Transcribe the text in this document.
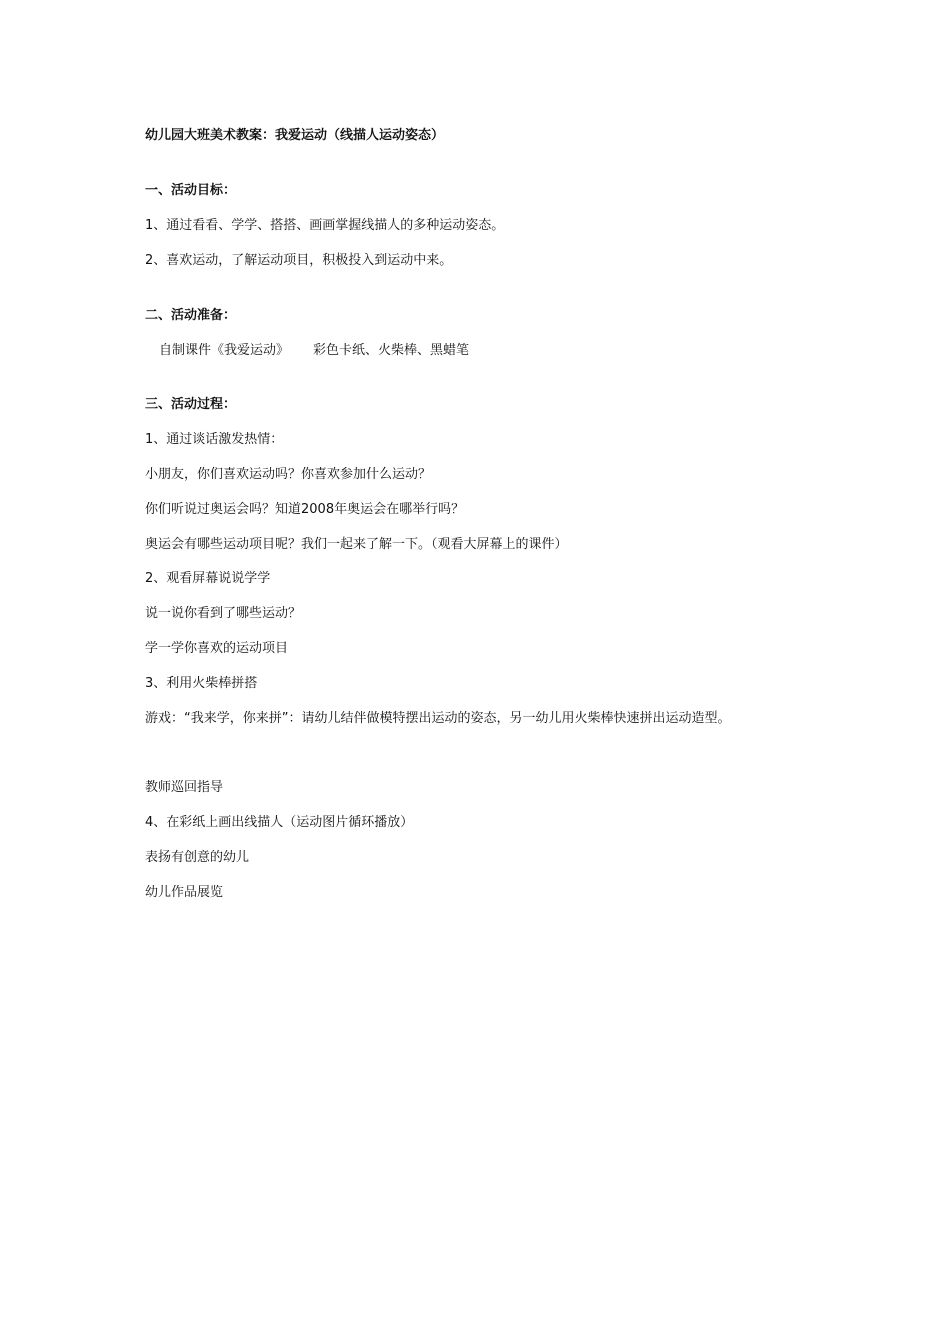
幼儿园大班美术教案：我爱运动（线描人运动姿态）
一、活动目标：
1、通过看看、学学、搭搭、画画掌握线描人的多种运动姿态。
2、喜欢运动，了解运动项目，积极投入到运动中来。
二、活动准备：
自制课件《我爱运动》 彩色卡纸、火柴棒、黑蜡笔
三、活动过程：
1、通过谈话激发热情：
小朋友，你们喜欢运动吗？你喜欢参加什么运动？
你们听说过奥运会吗？知道2008年奥运会在哪举行吗？
奥运会有哪些运动项目呢？我们一起来了解一下。（观看大屏幕上的课件）
2、观看屏幕说说学学
说一说你看到了哪些运动？
学一学你喜欢的运动项目
3、利用火柴棒拼搭
游戏：“我来学，你来拼”：请幼儿结伴做模特摆出运动的姿态，另一幼儿用火柴棒快速拼出运动造型。
教师巡回指导
4、在彩纸上画出线描人（运动图片循环播放）
表扬有创意的幼儿
幼儿作品展览
